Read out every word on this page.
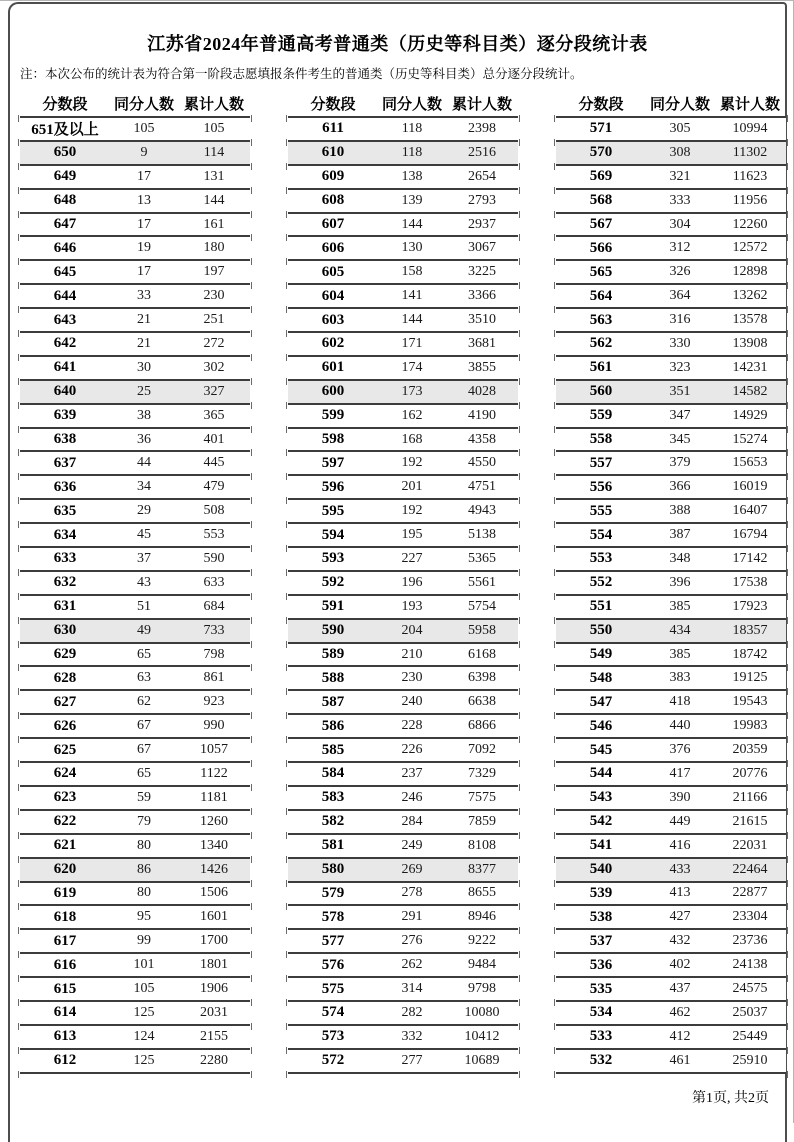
江苏省2024年普通高考普通类（历史等科目类）逐分段统计表
注：本次公布的统计表为符合第一阶段志愿填报条件考生的普通类（历史等科目类）总分逐分段统计。
分数段	同分人数 累计人数
651及以上	105	105
650	9	114
649	17	131
648	13	144
647	17	161
646	19	180
645	17	197
644	33	230
643	21	251
642	21	272
641	30	302
640	25	327
639	38	365
638	36	401
637	44	445
636	34	479
635	29	508
634	45	553
633	37	590
632	43	633
631	51	684
630	49	733
629	65	798
628	63	861
627	62	923
626	67	990
625	67	1057
624	65	1122
623	59	1181
622	79	1260
621	80	1340
620	86	1426
619	80	1506
618	95	1601
617	99	1700
616	101	1801
615	105	1906
614	125	2031
613	124	2155
612	125	2280
分数段	同分人数 累计人数
611	118	2398
610	118	2516
609	138	2654
608	139	2793
607	144	2937
606	130	3067
605	158	3225
604	141	3366
603	144	3510
602	171	3681
601	174	3855
600	173	4028
599	162	4190
598	168	4358
597	192	4550
596	201	4751
595	192	4943
594	195	5138
593	227	5365
592	196	5561
591	193	5754
590	204	5958
589	210	6168
588	230	6398
587	240	6638
586	228	6866
585	226	7092
584	237	7329
583	246	7575
582	284	7859
581	249	8108
580	269	8377
579	278	8655
578	291	8946
577	276	9222
576	262	9484
575	314	9798
574	282	10080
573	332	10412
572	277	10689
分数段	同分人数 累计人数
571	305	10994
570	308	11302
569	321	11623
568	333	11956
567	304	12260
566	312	12572
565	326	12898
564	364	13262
563	316	13578
562	330	13908
561	323	14231
560	351	14582
559	347	14929
558	345	15274
557	379	15653
556	366	16019
555	388	16407
554	387	16794
553	348	17142
552	396	17538
551	385	17923
550	434	18357
549	385	18742
548	383	19125
547	418	19543
546	440	19983
545	376	20359
544	417	20776
543	390	21166
542	449	21615
541	416	22031
540	433	22464
539	413	22877
538	427	23304
537	432	23736
536	402	24138
535	437	24575
534	462	25037
533	412	25449
532	461	25910
第1页, 共2页
